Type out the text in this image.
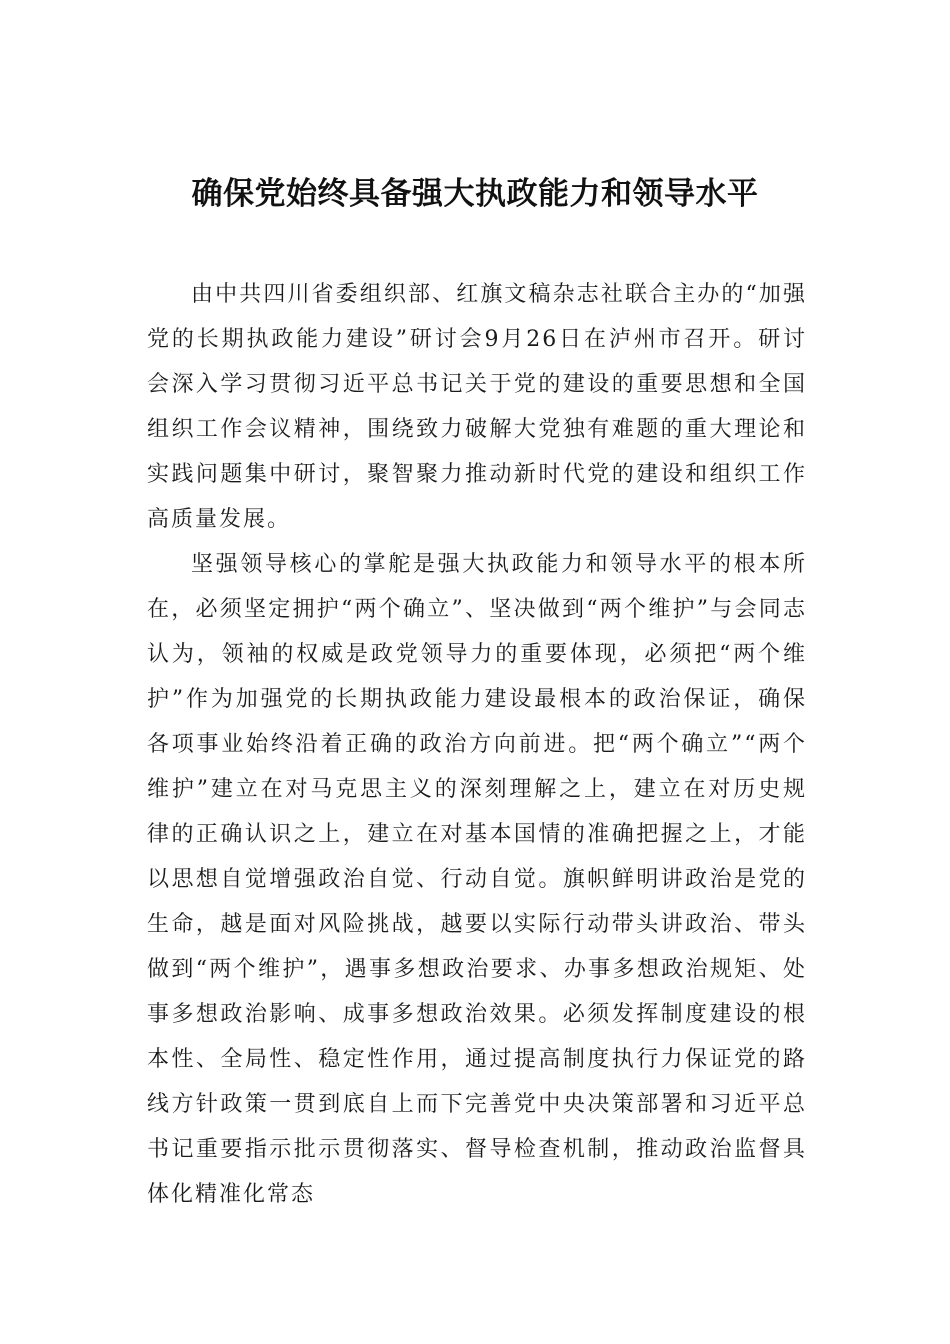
确保党始终具备强大执政能力和领导水平

由中共四川省委组织部、红旗文稿杂志社联合主办的“加强党的长期执政能力建设”研讨会9月26日在泸州市召开。研讨会深入学习贯彻习近平总书记关于党的建设的重要思想和全国组织工作会议精神，围绕致力破解大党独有难题的重大理论和实践问题集中研讨，聚智聚力推动新时代党的建设和组织工作高质量发展。

坚强领导核心的掌舵是强大执政能力和领导水平的根本所在，必须坚定拥护“两个确立”、坚决做到“两个维护”与会同志认为，领袖的权威是政党领导力的重要体现，必须把“两个维护”作为加强党的长期执政能力建设最根本的政治保证，确保各项事业始终沿着正确的政治方向前进。把“两个确立”“两个维护”建立在对马克思主义的深刻理解之上，建立在对历史规律的正确认识之上，建立在对基本国情的准确把握之上，才能以思想自觉增强政治自觉、行动自觉。旗帜鲜明讲政治是党的生命，越是面对风险挑战，越要以实际行动带头讲政治、带头做到“两个维护”，遇事多想政治要求、办事多想政治规矩、处事多想政治影响、成事多想政治效果。必须发挥制度建设的根本性、全局性、稳定性作用，通过提高制度执行力保证党的路线方针政策一贯到底自上而下完善党中央决策部署和习近平总书记重要指示批示贯彻落实、督导检查机制，推动政治监督具体化精准化常态
